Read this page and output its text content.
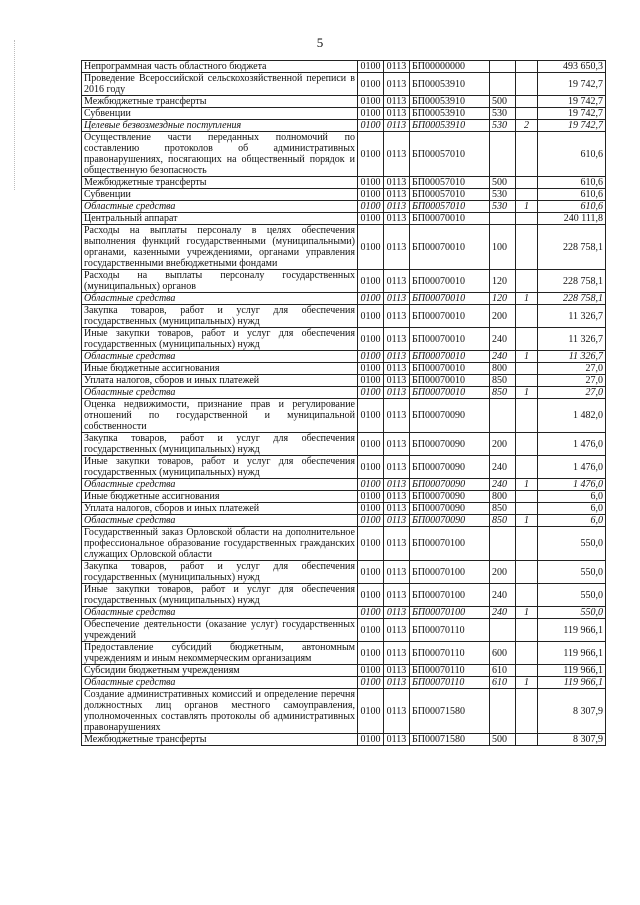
5
Непрограммная часть областного бюджета	0100	0113	БП00000000			493 650,3
Проведение Всероссийской сельскохозяйственной переписи в 2016 году	0100	0113	БП00053910			19 742,7
Межбюджетные трансферты	0100	0113	БП00053910	500		19 742,7
Субвенции	0100	0113	БП00053910	530		19 742,7
Целевые безвозмездные поступления	0100	0113	БП00053910	530	2	19 742,7
Осуществление части переданных полномочий по составлению протоколов об административных правонарушениях, посягающих на общественный порядок и общественную безопасность	0100	0113	БП00057010			610,6
Межбюджетные трансферты	0100	0113	БП00057010	500		610,6
Субвенции	0100	0113	БП00057010	530		610,6
Областные средства	0100	0113	БП00057010	530	1	610,6
Центральный аппарат	0100	0113	БП00070010			240 111,8
Расходы на выплаты персоналу в целях обеспечения выполнения функций государственными (муниципальными) органами, казенными учреждениями, органами управления государственными внебюджетными фондами	0100	0113	БП00070010	100		228 758,1
Расходы на выплаты персоналу государственных (муниципальных) органов	0100	0113	БП00070010	120		228 758,1
Областные средства	0100	0113	БП00070010	120	1	228 758,1
Закупка товаров, работ и услуг для обеспечения государственных (муниципальных) нужд	0100	0113	БП00070010	200		11 326,7
Иные закупки товаров, работ и услуг для обеспечения государственных (муниципальных) нужд	0100	0113	БП00070010	240		11 326,7
Областные средства	0100	0113	БП00070010	240	1	11 326,7
Иные бюджетные ассигнования	0100	0113	БП00070010	800		27,0
Уплата налогов, сборов и иных платежей	0100	0113	БП00070010	850		27,0
Областные средства	0100	0113	БП00070010	850	1	27,0
Оценка недвижимости, признание прав и регулирование отношений по государственной и муниципальной собственности	0100	0113	БП00070090			1 482,0
Закупка товаров, работ и услуг для обеспечения государственных (муниципальных) нужд	0100	0113	БП00070090	200		1 476,0
Иные закупки товаров, работ и услуг для обеспечения государственных (муниципальных) нужд	0100	0113	БП00070090	240		1 476,0
Областные средства	0100	0113	БП00070090	240	1	1 476,0
Иные бюджетные ассигнования	0100	0113	БП00070090	800		6,0
Уплата налогов, сборов и иных платежей	0100	0113	БП00070090	850		6,0
Областные средства	0100	0113	БП00070090	850	1	6,0
Государственный заказ Орловской области на дополнительное профессиональное образование государственных гражданских служащих Орловской области	0100	0113	БП00070100			550,0
Закупка товаров, работ и услуг для обеспечения государственных (муниципальных) нужд	0100	0113	БП00070100	200		550,0
Иные закупки товаров, работ и услуг для обеспечения государственных (муниципальных) нужд	0100	0113	БП00070100	240		550,0
Областные средства	0100	0113	БП00070100	240	1	550,0
Обеспечение деятельности (оказание услуг) государственных учреждений	0100	0113	БП00070110			119 966,1
Предоставление субсидий бюджетным, автономным учреждениям и иным некоммерческим организациям	0100	0113	БП00070110	600		119 966,1
Субсидии бюджетным учреждениям	0100	0113	БП00070110	610		119 966,1
Областные средства	0100	0113	БП00070110	610	1	119 966,1
Создание административных комиссий и определение перечня должностных лиц органов местного самоуправления, уполномоченных составлять протоколы об административных правонарушениях	0100	0113	БП00071580			8 307,9
Межбюджетные трансферты	0100	0113	БП00071580	500		8 307,9
